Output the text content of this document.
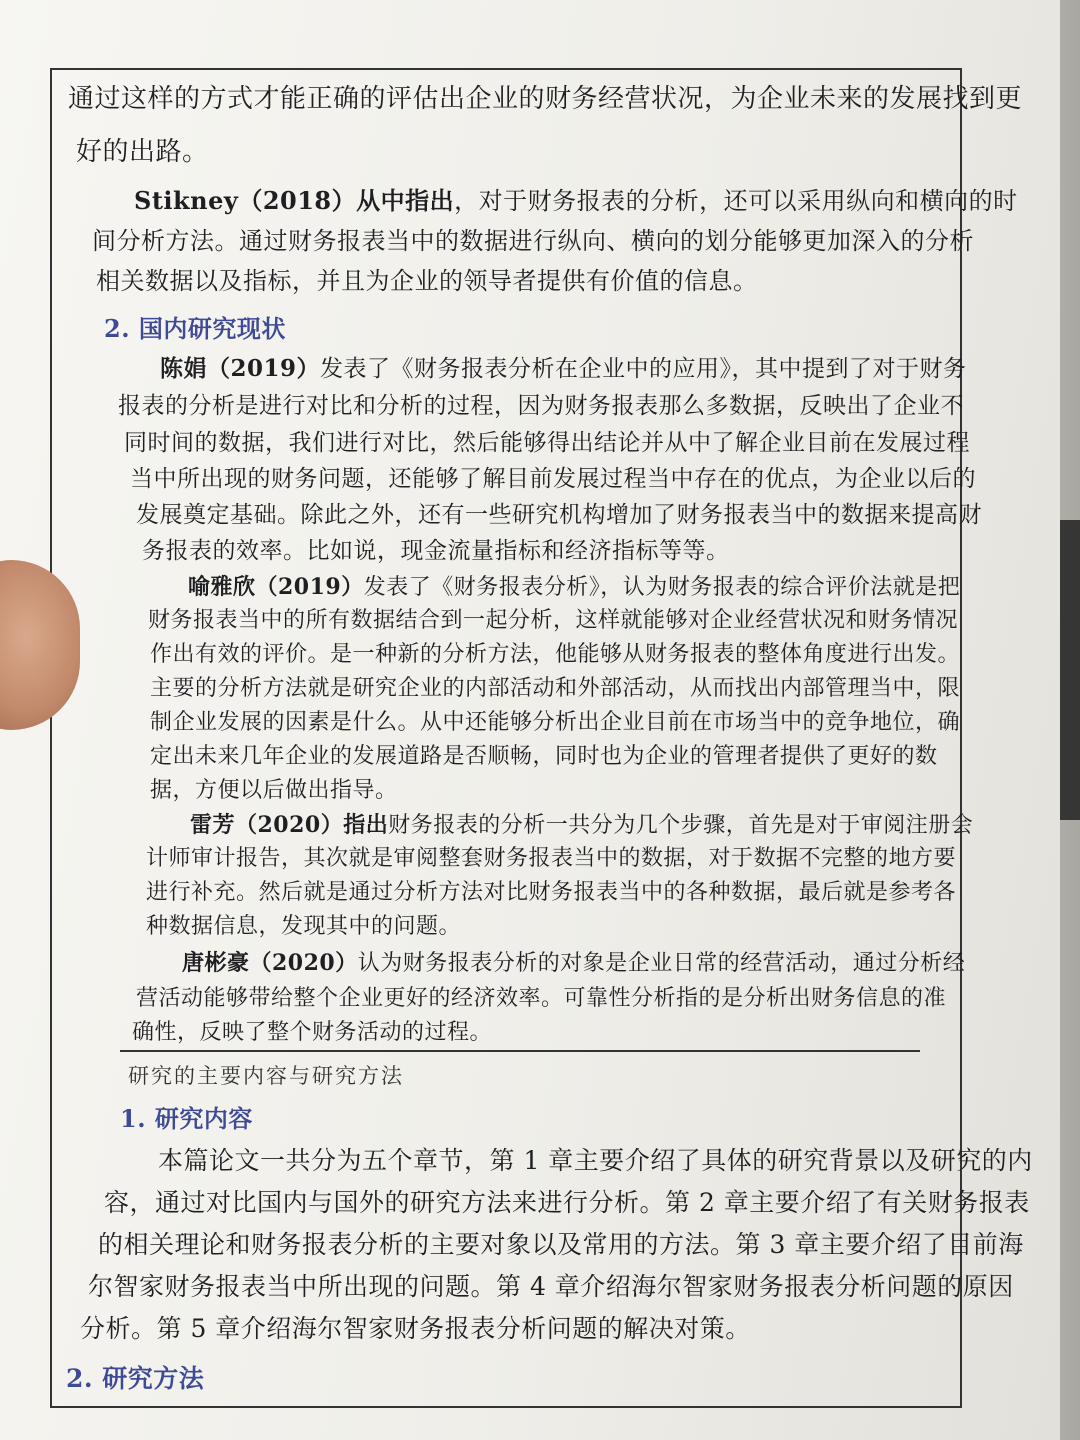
通过这样的方式才能正确的评估出企业的财务经营状况，为企业未来的发展找到更
好的出路。
Stikney（2018）从中指出，对于财务报表的分析，还可以采用纵向和横向的时
间分析方法。通过财务报表当中的数据进行纵向、横向的划分能够更加深入的分析
相关数据以及指标，并且为企业的领导者提供有价值的信息。
2. 国内研究现状
陈娟（2019）发表了《财务报表分析在企业中的应用》，其中提到了对于财务
报表的分析是进行对比和分析的过程，因为财务报表那么多数据，反映出了企业不
同时间的数据，我们进行对比，然后能够得出结论并从中了解企业目前在发展过程
当中所出现的财务问题，还能够了解目前发展过程当中存在的优点，为企业以后的
发展奠定基础。除此之外，还有一些研究机构增加了财务报表当中的数据来提高财
务报表的效率。比如说，现金流量指标和经济指标等等。
喻雅欣（2019）发表了《财务报表分析》，认为财务报表的综合评价法就是把
财务报表当中的所有数据结合到一起分析，这样就能够对企业经营状况和财务情况
作出有效的评价。是一种新的分析方法，他能够从财务报表的整体角度进行出发。
主要的分析方法就是研究企业的内部活动和外部活动，从而找出内部管理当中，限
制企业发展的因素是什么。从中还能够分析出企业目前在市场当中的竞争地位，确
定出未来几年企业的发展道路是否顺畅，同时也为企业的管理者提供了更好的数
据，方便以后做出指导。
雷芳（2020）指出财务报表的分析一共分为几个步骤，首先是对于审阅注册会
计师审计报告，其次就是审阅整套财务报表当中的数据，对于数据不完整的地方要
进行补充。然后就是通过分析方法对比财务报表当中的各种数据，最后就是参考各
种数据信息，发现其中的问题。
唐彬豪（2020）认为财务报表分析的对象是企业日常的经营活动，通过分析经
营活动能够带给整个企业更好的经济效率。可靠性分析指的是分析出财务信息的准
确性，反映了整个财务活动的过程。
研究的主要内容与研究方法
1. 研究内容
本篇论文一共分为五个章节，第 1 章主要介绍了具体的研究背景以及研究的内
容，通过对比国内与国外的研究方法来进行分析。第 2 章主要介绍了有关财务报表
的相关理论和财务报表分析的主要对象以及常用的方法。第 3 章主要介绍了目前海
尔智家财务报表当中所出现的问题。第 4 章介绍海尔智家财务报表分析问题的原因
分析。第 5 章介绍海尔智家财务报表分析问题的解决对策。
2. 研究方法
